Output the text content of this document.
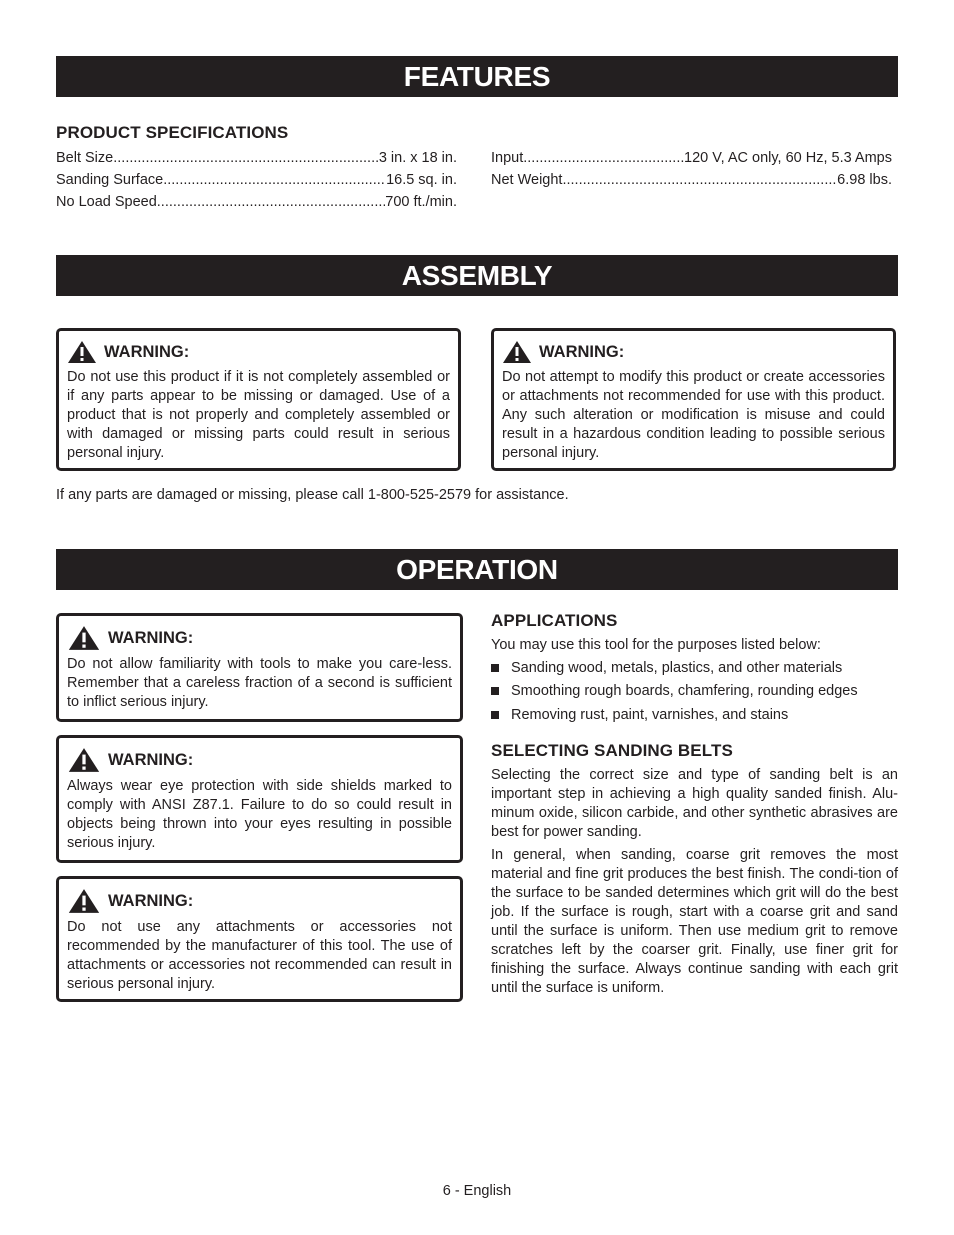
FEATURES
PRODUCT SPECIFICATIONS
Belt Size .....	3 in. x 18 in.
Sanding Surface .....	16.5 sq. in.
No Load Speed .....	700 ft./min.
Input .....	120 V, AC only, 60 Hz, 5.3 Amps
Net Weight .....	6.98 lbs.
ASSEMBLY
WARNING:
Do not use this product if it is not completely assembled or if any parts appear to be missing or damaged. Use of a product that is not properly and completely assembled or with damaged or missing parts could result in serious personal injury.
WARNING:
Do not attempt to modify this product or create accessories or attachments not recommended for use with this product. Any such alteration or modification is misuse and could result in a hazardous condition leading to possible serious personal injury.
If any parts are damaged or missing, please call 1-800-525-2579 for assistance.
OPERATION
WARNING:
Do not allow familiarity with tools to make you care-less. Remember that a careless fraction of a second is sufficient to inflict serious injury.
WARNING:
Always wear eye protection with side shields marked to comply with ANSI Z87.1. Failure to do so could result in objects being thrown into your eyes resulting in possible serious injury.
WARNING:
Do not use any attachments or accessories not recommended by the manufacturer of this tool. The use of attachments or accessories not recommended can result in serious personal injury.
APPLICATIONS
You may use this tool for the purposes listed below:
Sanding wood, metals, plastics, and other materials
Smoothing rough boards, chamfering, rounding edges
Removing rust, paint, varnishes, and stains
SELECTING SANDING BELTS
Selecting the correct size and type of sanding belt is an important step in achieving a high quality sanded finish. Alu-minum oxide, silicon carbide, and other synthetic abrasives are best for power sanding.
In general, when sanding, coarse grit removes the most material and fine grit produces the best finish. The condi-tion of the surface to be sanded determines which grit will do the best job. If the surface is rough, start with a coarse grit and sand until the surface is uniform. Then use medium grit to remove scratches left by the coarser grit. Finally, use finer grit for finishing the surface. Always continue sanding with each grit until the surface is uniform.
6 - English
